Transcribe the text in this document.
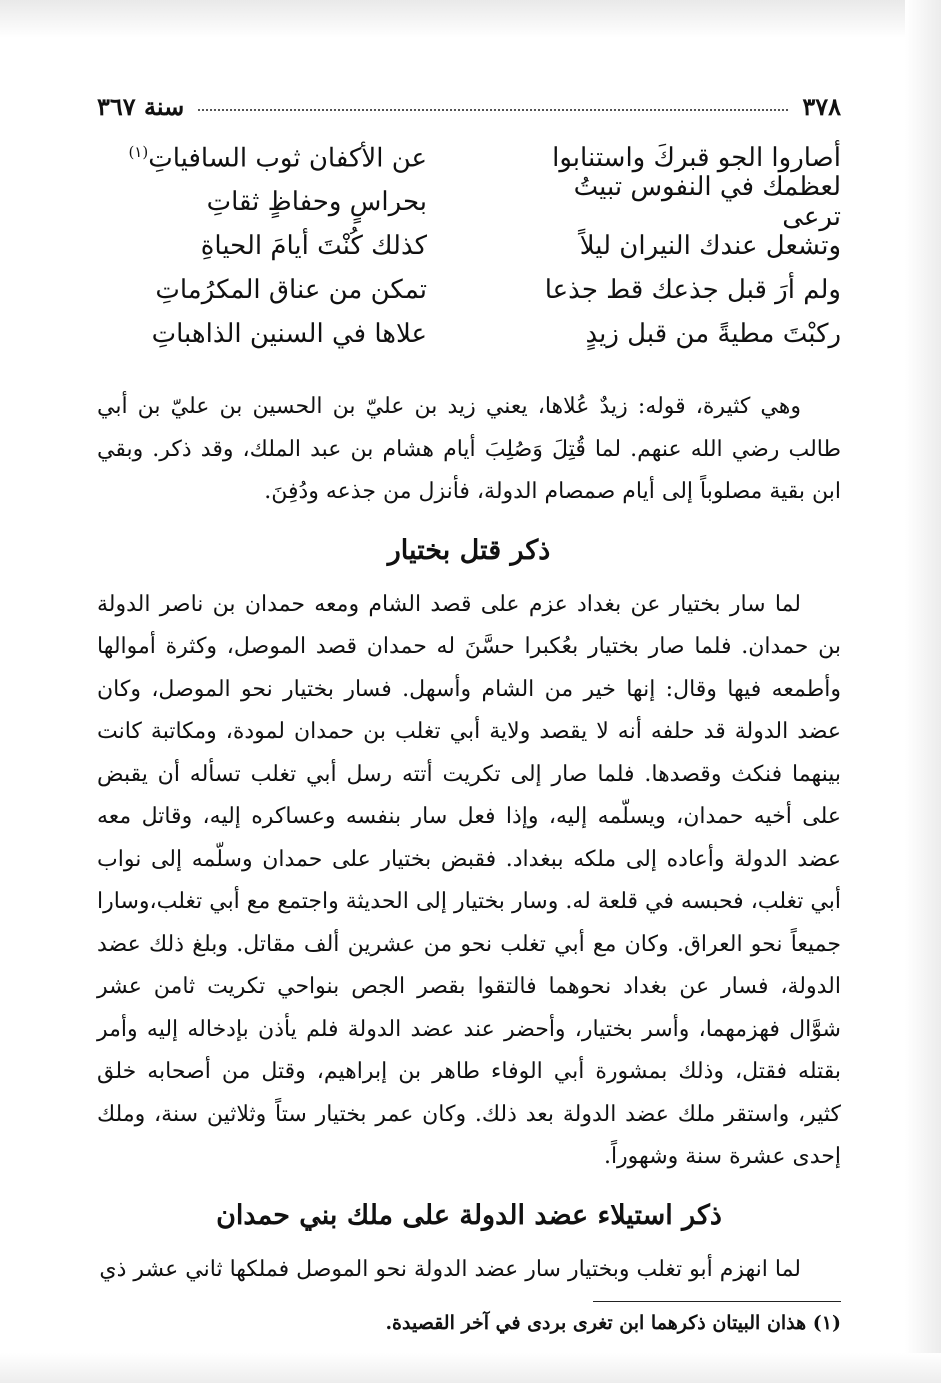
٣٧٨
سنة ٣٦٧
أصاروا الجو قبركَ واستنابوا
عن الأكفان ثوب السافياتِ$^{(١)}$
لعظمك في النفوس تبيتُ ترعى
بحراسٍ وحفاظٍ ثقاتِ
وتشعل عندك النيران ليلاً
كذلك كُنْتَ أيامَ الحياةِ
ولم أرَ قبل جذعك قط جذعا
تمكن من عناق المكرُماتِ
ركبْتَ مطيةً من قبل زيدٍ
علاها في السنين الذاهباتِ

وهي كثيرة، قوله: زيدٌ عُلاها، يعني زيد بن عليّ بن الحسين بن عليّ بن أبي طالب رضي الله عنهم. لما قُتِلَ وَصُلِبَ أيام هشام بن عبد الملك، وقد ذكر. وبقي ابن بقية مصلوباً إلى أيام صمصام الدولة، فأنزل من جذعه ودُفِنَ.

ذكر قتل بختيار

لما سار بختيار عن بغداد عزم على قصد الشام ومعه حمدان بن ناصر الدولة بن حمدان. فلما صار بختيار بعُكبرا حسَّنَ له حمدان قصد الموصل، وكثرة أموالها وأطمعه فيها وقال: إنها خير من الشام وأسهل. فسار بختيار نحو الموصل، وكان عضد الدولة قد حلفه أنه لا يقصد ولاية أبي تغلب بن حمدان لمودة، ومكاتبة كانت بينهما فنكث وقصدها. فلما صار إلى تكريت أتته رسل أبي تغلب تسأله أن يقبض على أخيه حمدان، ويسلّمه إليه، وإذا فعل سار بنفسه وعساكره إليه، وقاتل معه عضد الدولة وأعاده إلى ملكه ببغداد. فقبض بختيار على حمدان وسلّمه إلى نواب أبي تغلب، فحبسه في قلعة له. وسار بختيار إلى الحديثة واجتمع مع أبي تغلب،وسارا جميعاً نحو العراق. وكان مع أبي تغلب نحو من عشرين ألف مقاتل. وبلغ ذلك عضد الدولة، فسار عن بغداد نحوهما فالتقوا بقصر الجص بنواحي تكريت ثامن عشر شوَّال فهزمهما، وأسر بختيار، وأحضر عند عضد الدولة فلم يأذن بإدخاله إليه وأمر بقتله فقتل، وذلك بمشورة أبي الوفاء طاهر بن إبراهيم، وقتل من أصحابه خلق كثير، واستقر ملك عضد الدولة بعد ذلك. وكان عمر بختيار ستاً وثلاثين سنة، وملك إحدى عشرة سنة وشهوراً.

ذكر استيلاء عضد الدولة على ملك بني حمدان

لما انهزم أبو تغلب وبختيار سار عضد الدولة نحو الموصل فملكها ثاني عشر ذي

(١) هذان البيتان ذكرهما ابن تغرى بردى في آخر القصيدة.
